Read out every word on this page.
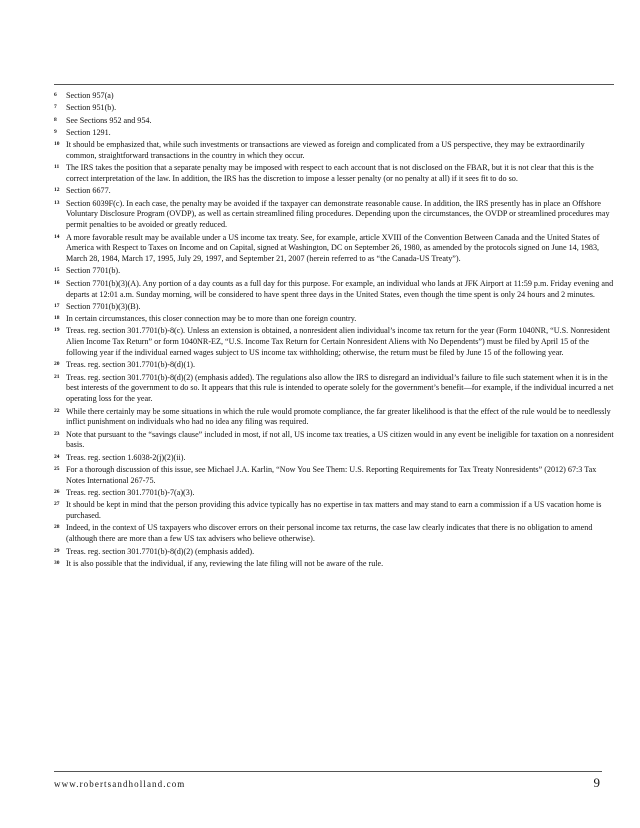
6	Section 957(a)
7	Section 951(b).
8	See Sections 952 and 954.
9	Section 1291.
10 It should be emphasized that, while such investments or transactions are viewed as foreign and complicated from a US perspective, they may be extraordinarily common, straightforward transactions in the country in which they occur.
11 The IRS takes the position that a separate penalty may be imposed with respect to each account that is not disclosed on the FBAR, but it is not clear that this is the correct interpretation of the law. In addition, the IRS has the discretion to impose a lesser penalty (or no penalty at all) if it sees fit to do so.
12 Section 6677.
13 Section 6039F(c). In each case, the penalty may be avoided if the taxpayer can demonstrate reasonable cause. In addition, the IRS presently has in place an Offshore Voluntary Disclosure Program (OVDP), as well as certain streamlined filing procedures. Depending upon the circumstances, the OVDP or streamlined procedures may permit penalties to be avoided or greatly reduced.
14 A more favorable result may be available under a US income tax treaty. See, for example, article XVIII of the Convention Between Canada and the United States of America with Respect to Taxes on Income and on Capital, signed at Washington, DC on September 26, 1980, as amended by the protocols signed on June 14, 1983, March 28, 1984, March 17, 1995, July 29, 1997, and September 21, 2007 (herein referred to as “the Canada-US Treaty”).
15 Section 7701(b).
16 Section 7701(b)(3)(A). Any portion of a day counts as a full day for this purpose. For example, an individual who lands at JFK Airport at 11:59 p.m. Friday evening and departs at 12:01 a.m. Sunday morning, will be considered to have spent three days in the United States, even though the time spent is only 24 hours and 2 minutes.
17 Section 7701(b)(3)(B).
18 In certain circumstances, this closer connection may be to more than one foreign country.
19 Treas. reg. section 301.7701(b)-8(c). Unless an extension is obtained, a nonresident alien individual’s income tax return for the year (Form 1040NR, “U.S. Nonresident Alien Income Tax Return” or form 1040NR-EZ, “U.S. Income Tax Return for Certain Nonresident Aliens with No Dependents”) must be filed by April 15 of the following year if the individual earned wages subject to US income tax withholding; otherwise, the return must be filed by June 15 of the following year.
20 Treas. reg. section 301.7701(b)-8(d)(1).
21 Treas. reg. section 301.7701(b)-8(d)(2) (emphasis added). The regulations also allow the IRS to disregard an individual’s failure to file such statement when it is in the best interests of the government to do so. It appears that this rule is intended to operate solely for the government’s benefit—for example, if the individual incurred a net operating loss for the year.
22 While there certainly may be some situations in which the rule would promote compliance, the far greater likelihood is that the effect of the rule would be to needlessly inflict punishment on individuals who had no idea any filing was required.
23 Note that pursuant to the “savings clause” included in most, if not all, US income tax treaties, a US citizen would in any event be ineligible for taxation on a nonresident basis.
24 Treas. reg. section 1.6038-2(j)(2)(ii).
25 For a thorough discussion of this issue, see Michael J.A. Karlin, “Now You See Them: U.S. Reporting Requirements for Tax Treaty Nonresidents” (2012) 67:3 Tax Notes International 267-75.
26 Treas. reg. section 301.7701(b)-7(a)(3).
27 It should be kept in mind that the person providing this advice typically has no expertise in tax matters and may stand to earn a commission if a US vacation home is purchased.
28 Indeed, in the context of US taxpayers who discover errors on their personal income tax returns, the case law clearly indicates that there is no obligation to amend (although there are more than a few US tax advisers who believe otherwise).
29 Treas. reg. section 301.7701(b)-8(d)(2) (emphasis added).
30 It is also possible that the individual, if any, reviewing the late filing will not be aware of the rule.
www.robertsandholland.com	9
